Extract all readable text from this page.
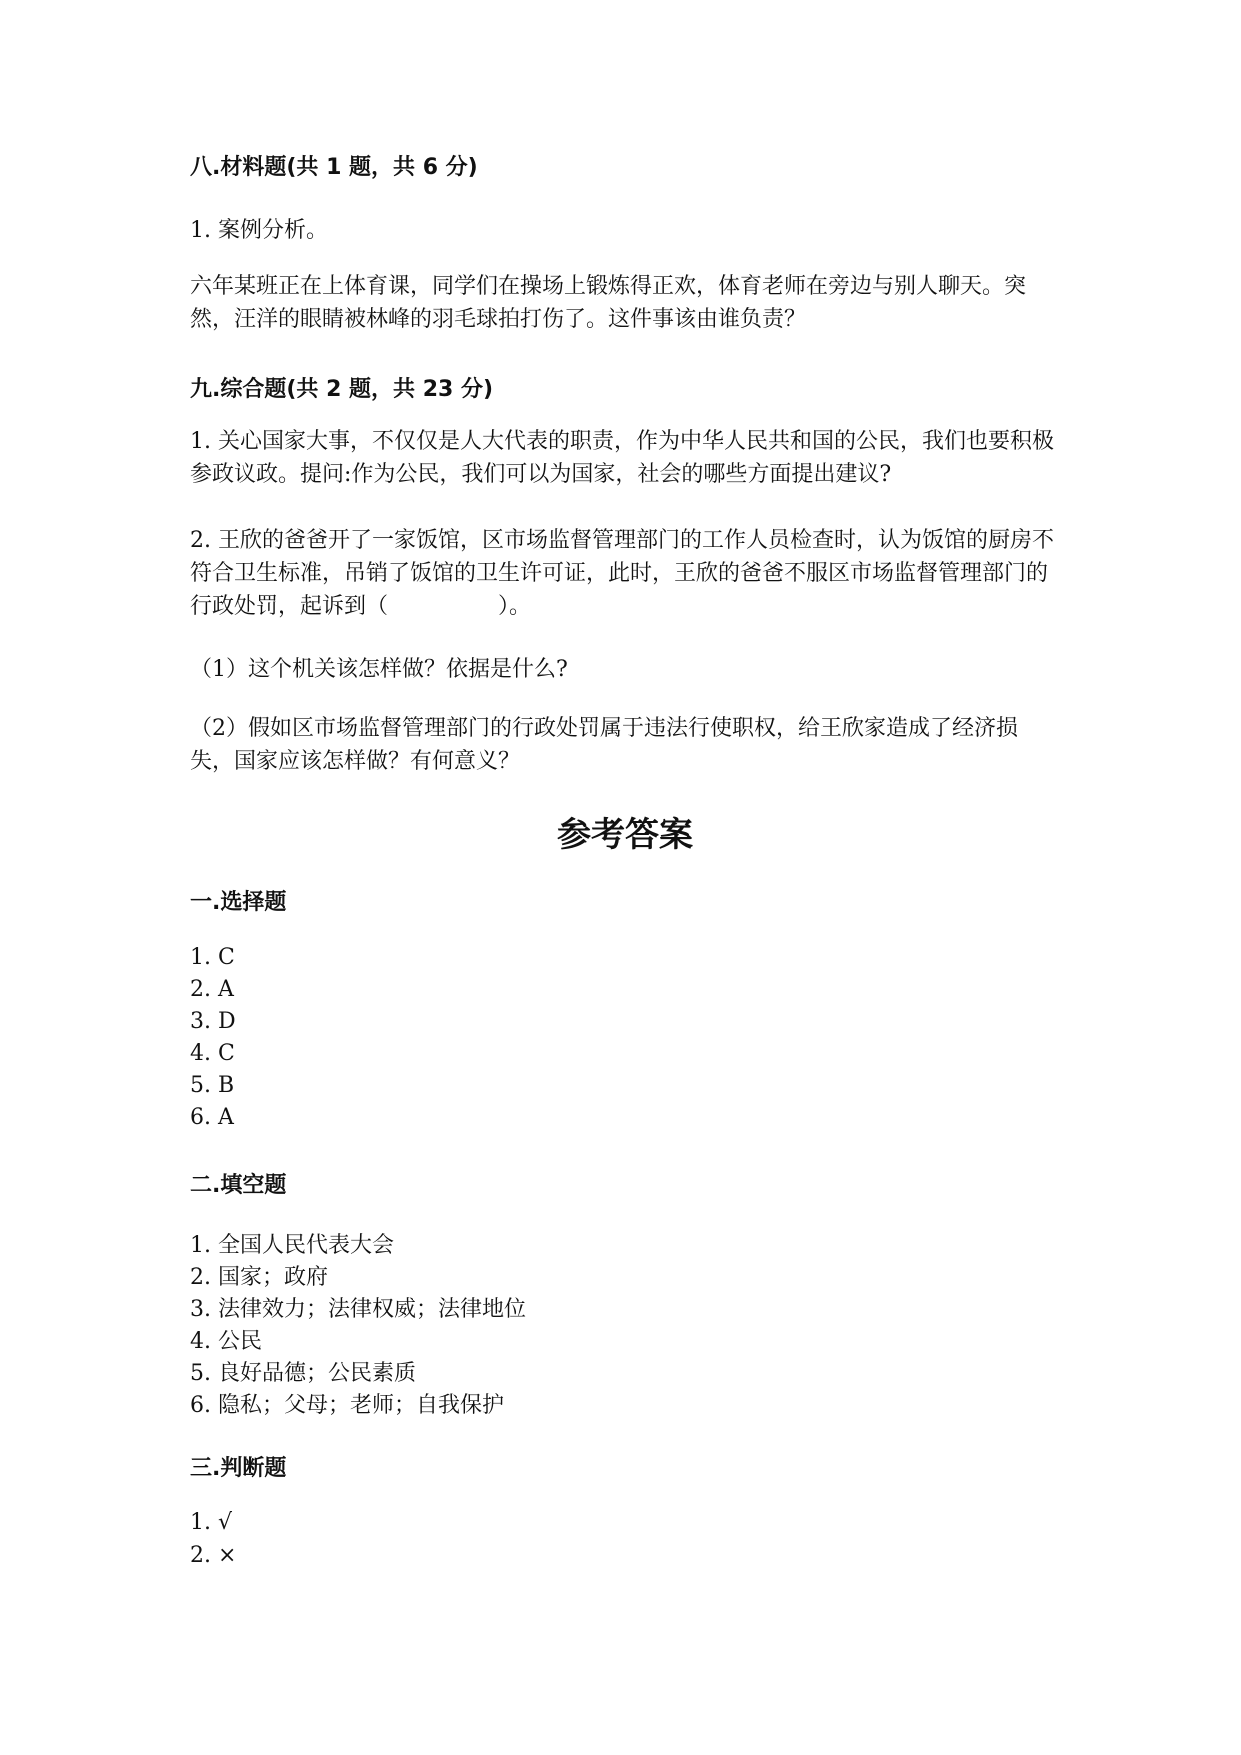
八.材料题(共 1 题，共 6 分)
1. 案例分析。
六年某班正在上体育课，同学们在操场上锻炼得正欢，体育老师在旁边与别人聊天。突然，汪洋的眼睛被林峰的羽毛球拍打伤了。这件事该由谁负责？
九.综合题(共 2 题，共 23 分)
1. 关心国家大事，不仅仅是人大代表的职责，作为中华人民共和国的公民，我们也要积极参政议政。提问:作为公民，我们可以为国家，社会的哪些方面提出建议?
2. 王欣的爸爸开了一家饭馆，区市场监督管理部门的工作人员检查时，认为饭馆的厨房不符合卫生标准，吊销了饭馆的卫生许可证，此时，王欣的爸爸不服区市场监督管理部门的行政处罚，起诉到（　　　　　）。
（1）这个机关该怎样做？依据是什么?
（2）假如区市场监督管理部门的行政处罚属于违法行使职权，给王欣家造成了经济损失，国家应该怎样做？有何意义？
参考答案
一.选择题
1. C
2. A
3. D
4. C
5. B
6. A
二.填空题
1. 全国人民代表大会
2. 国家；政府
3. 法律效力；法律权威；法律地位
4. 公民
5. 良好品德；公民素质
6. 隐私；父母；老师；自我保护
三.判断题
1. √
2. ×
